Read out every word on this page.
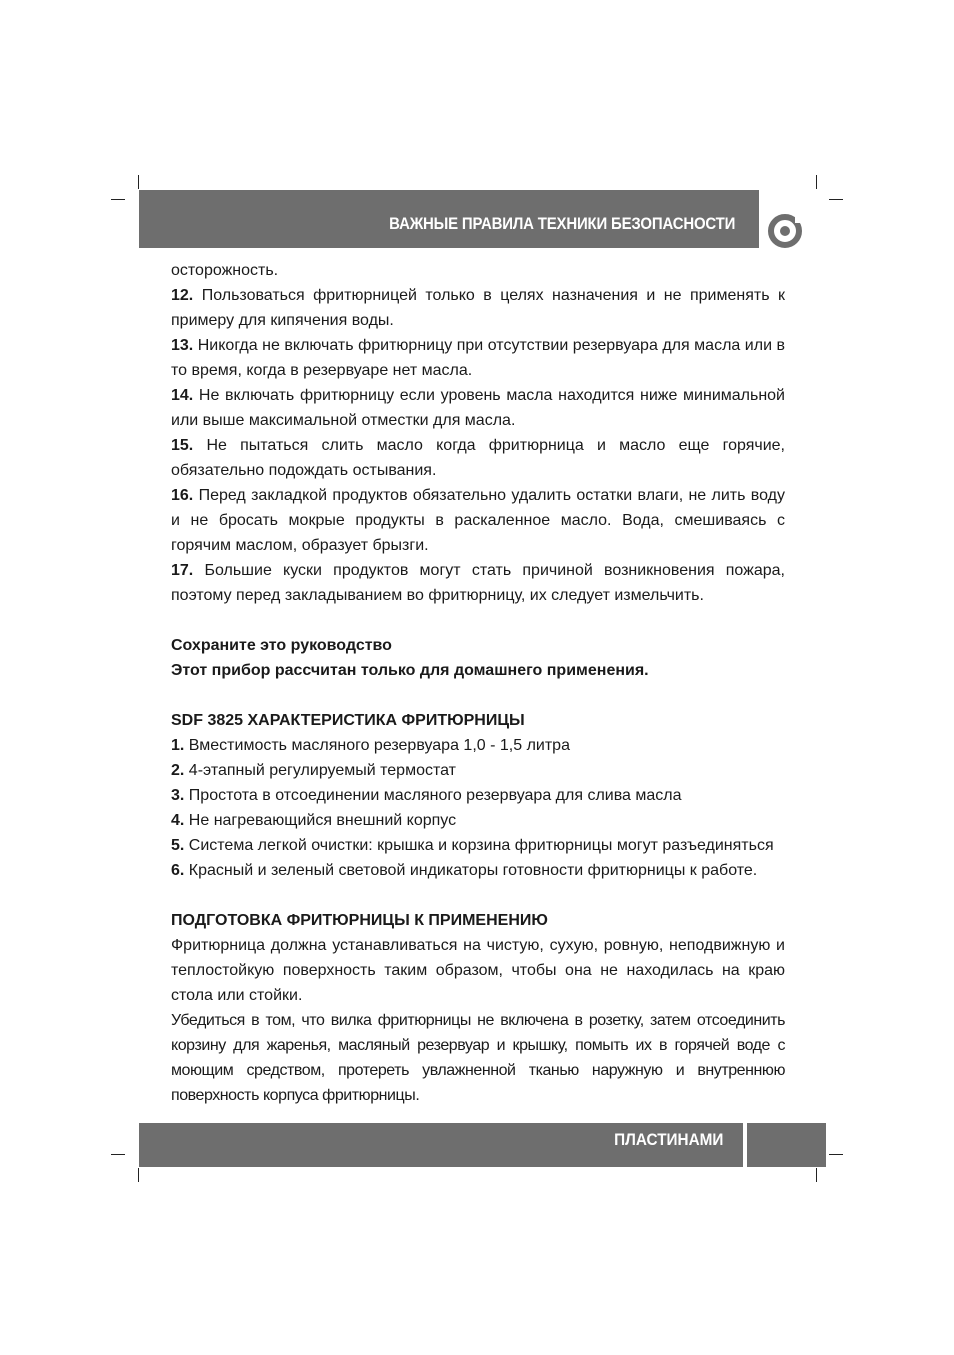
ВАЖНЫЕ ПРАВИЛА ТЕХНИКИ БЕЗОПАСНОСТИ

осторожность.

12. Пользоваться фритюрницей только в целях назначения и не применять к примеру для кипячения воды.

13. Никогда не включать фритюрницу при отсутствии резервуара для масла или в то время, когда в резервуаре нет масла.

14. Не включать фритюрницу если уровень масла находится ниже минимальной или выше максимальной отместки для масла.

15. Не пытаться слить масло когда фритюрница и масло еще горячие, обязательно подождать остывания.

16. Перед закладкой продуктов обязательно удалить остатки влаги, не лить воду и не бросать мокрые продукты в раскаленное масло. Вода, смешиваясь с горячим маслом, образует брызги.

17. Большие куски продуктов могут стать причиной возникновения пожара, поэтому перед закладыванием во фритюрницу, их следует измельчить.

Сохраните это руководство

Этот прибор рассчитан только для домашнего применения.

SDF 3825 ХАРАКТЕРИСТИКА ФРИТЮРНИЦЫ

1. Вместимость масляного резервуара 1,0 - 1,5 литра

2. 4-этапный регулируемый термостат

3. Простота в отсоединении масляного резервуара для слива масла

4. Не нагревающийся внешний корпус

5. Система легкой очистки: крышка и корзина фритюрницы могут разъединяться

6. Красный и зеленый световой индикаторы готовности фритюрницы к работе.

ПОДГОТОВКА ФРИТЮРНИЦЫ К ПРИМЕНЕНИЮ

Фритюрница должна устанавливаться на чистую, сухую, ровную, неподвижную и теплостойкую поверхность таким образом, чтобы она не находилась на краю стола или стойки.

Убедиться в том, что вилка фритюрницы не включена в розетку, затем отсоединить корзину для жаренья, масляный резервуар и крышку, помыть их в горячей воде с моющим средством, протереть увлажненной тканью наружную и внутреннюю поверхность корпуса фритюрницы.

ПЛАСТИНАМИ
